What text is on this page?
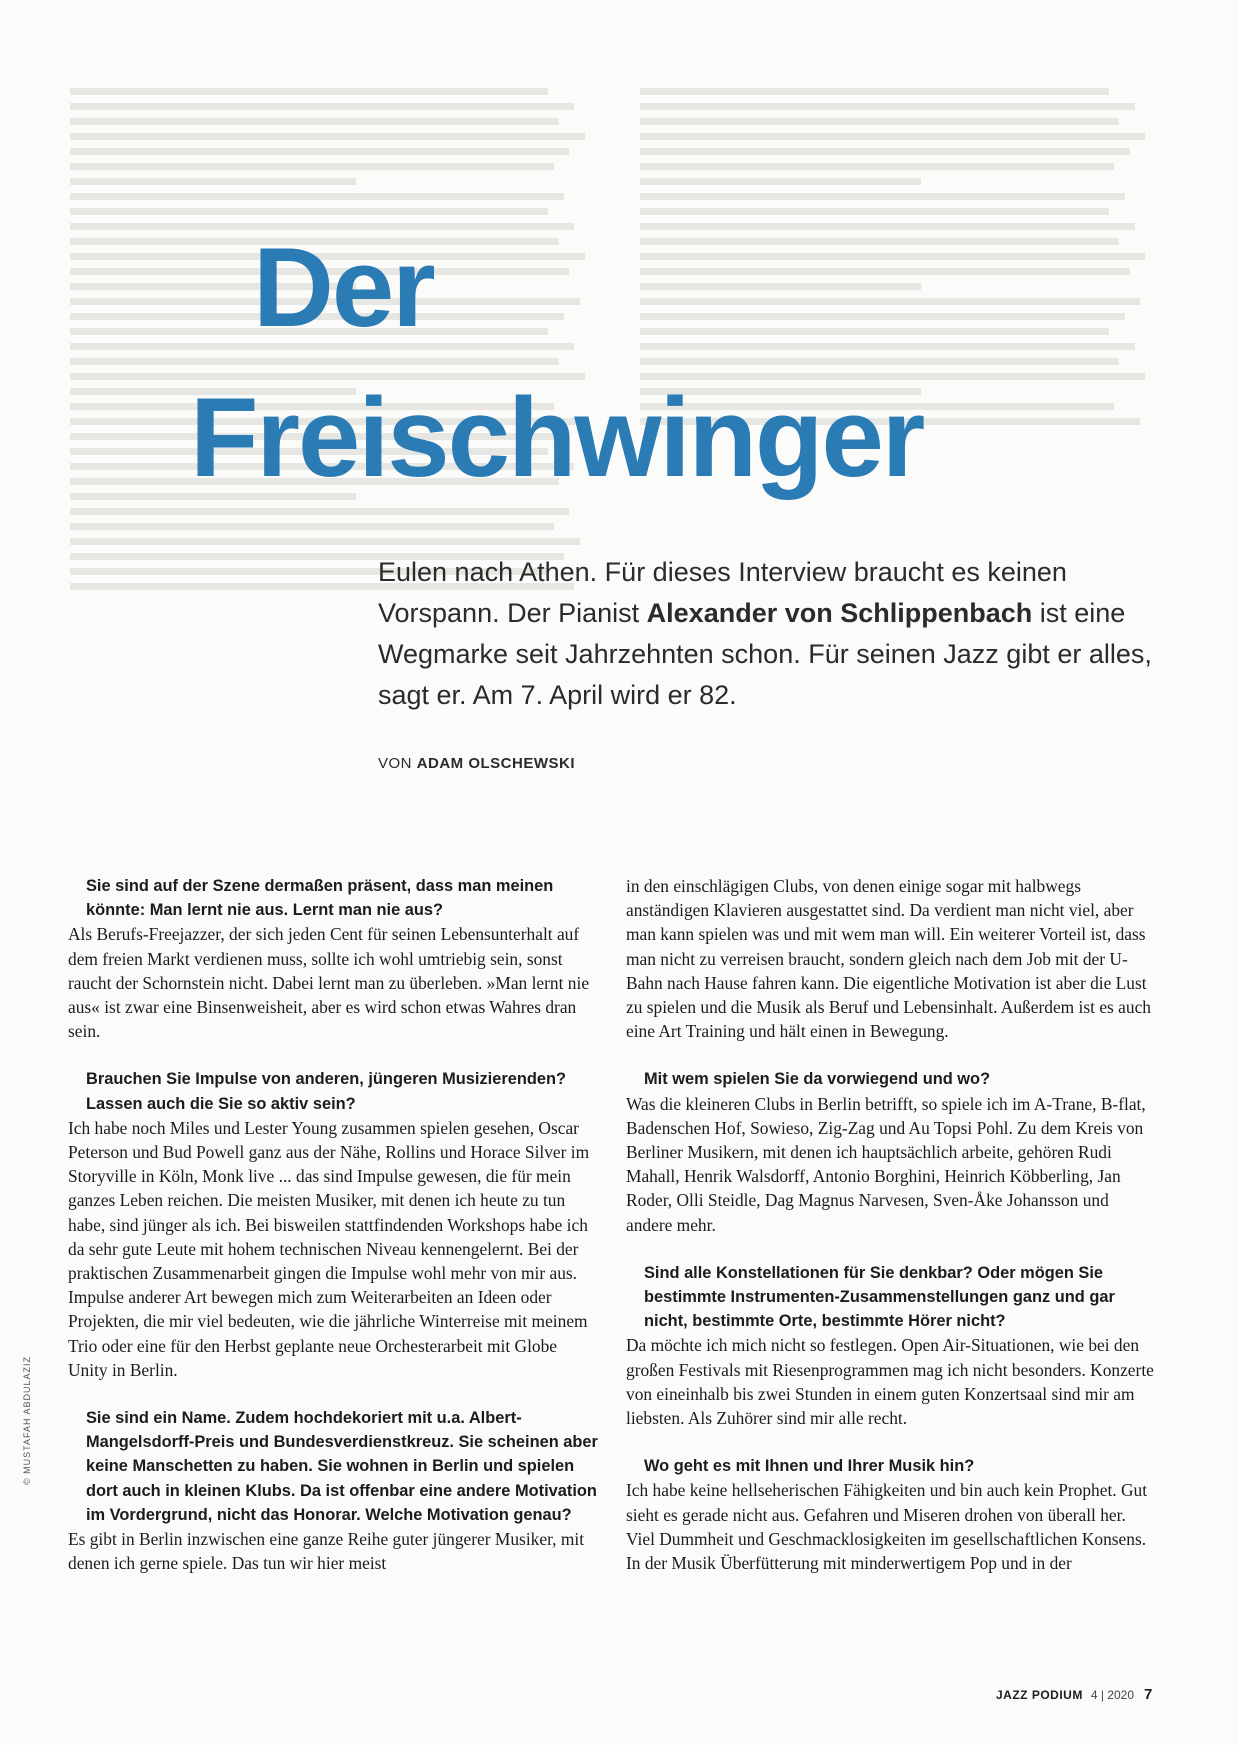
Der
Freischwinger
Eulen nach Athen. Für dieses Interview braucht es keinen Vorspann. Der Pianist Alexander von Schlippenbach ist eine Wegmarke seit Jahrzehnten schon. Für seinen Jazz gibt er alles, sagt er. Am 7. April wird er 82.
VON ADAM OLSCHEWSKI

Sie sind auf der Szene dermaßen präsent, dass man meinen könnte: Man lernt nie aus. Lernt man nie aus?

Als Berufs-Freejazzer, der sich jeden Cent für seinen Lebensunterhalt auf dem freien Markt verdienen muss, sollte ich wohl umtriebig sein, sonst raucht der Schornstein nicht. Dabei lernt man zu überleben. »Man lernt nie aus« ist zwar eine Binsenweisheit, aber es wird schon etwas Wahres dran sein.

Brauchen Sie Impulse von anderen, jüngeren Musizierenden? Lassen auch die Sie so aktiv sein?

Ich habe noch Miles und Lester Young zusammen spielen gesehen, Oscar Peterson und Bud Powell ganz aus der Nähe, Rollins und Horace Silver im Storyville in Köln, Monk live ... das sind Impulse gewesen, die für mein ganzes Leben reichen. Die meisten Musiker, mit denen ich heute zu tun habe, sind jünger als ich. Bei bisweilen stattfindenden Workshops habe ich da sehr gute Leute mit hohem technischen Niveau kennengelernt. Bei der praktischen Zusammenarbeit gingen die Impulse wohl mehr von mir aus. Impulse anderer Art bewegen mich zum Weiterarbeiten an Ideen oder Projekten, die mir viel bedeuten, wie die jährliche Winterreise mit meinem Trio oder eine für den Herbst geplante neue Orchesterarbeit mit Globe Unity in Berlin.

Sie sind ein Name. Zudem hochdekoriert mit u.a. Albert-Mangelsdorff-Preis und Bundesverdienstkreuz. Sie scheinen aber keine Manschetten zu haben. Sie wohnen in Berlin und spielen dort auch in kleinen Klubs. Da ist offenbar eine andere Motivation im Vordergrund, nicht das Honorar. Welche Motivation genau?

Es gibt in Berlin inzwischen eine ganze Reihe guter jüngerer Musiker, mit denen ich gerne spiele. Das tun wir hier meist

in den einschlägigen Clubs, von denen einige sogar mit halbwegs anständigen Klavieren ausgestattet sind. Da verdient man nicht viel, aber man kann spielen was und mit wem man will. Ein weiterer Vorteil ist, dass man nicht zu verreisen braucht, sondern gleich nach dem Job mit der U-Bahn nach Hause fahren kann. Die eigentliche Motivation ist aber die Lust zu spielen und die Musik als Beruf und Lebensinhalt. Außerdem ist es auch eine Art Training und hält einen in Bewegung.

Mit wem spielen Sie da vorwiegend und wo?

Was die kleineren Clubs in Berlin betrifft, so spiele ich im A-Trane, B-flat, Badenschen Hof, Sowieso, Zig-Zag und Au Topsi Pohl. Zu dem Kreis von Berliner Musikern, mit denen ich hauptsächlich arbeite, gehören Rudi Mahall, Henrik Walsdorff, Antonio Borghini, Heinrich Köbberling, Jan Roder, Olli Steidle, Dag Magnus Narvesen, Sven-Åke Johansson und andere mehr.

Sind alle Konstellationen für Sie denkbar? Oder mögen Sie bestimmte Instrumenten-Zusammenstellungen ganz und gar nicht, bestimmte Orte, bestimmte Hörer nicht?

Da möchte ich mich nicht so festlegen. Open Air-Situationen, wie bei den großen Festivals mit Riesenprogrammen mag ich nicht besonders. Konzerte von eineinhalb bis zwei Stunden in einem guten Konzertsaal sind mir am liebsten. Als Zuhörer sind mir alle recht.

Wo geht es mit Ihnen und Ihrer Musik hin?

Ich habe keine hellseherischen Fähigkeiten und bin auch kein Prophet. Gut sieht es gerade nicht aus. Gefahren und Miseren drohen von überall her. Viel Dummheit und Geschmacklosigkeiten im gesellschaftlichen Konsens. In der Musik Überfütterung mit minderwertigem Pop und in der

© MUSTAFAH ABDULAZIZ
JAZZ PODIUM 4 | 2020 7
